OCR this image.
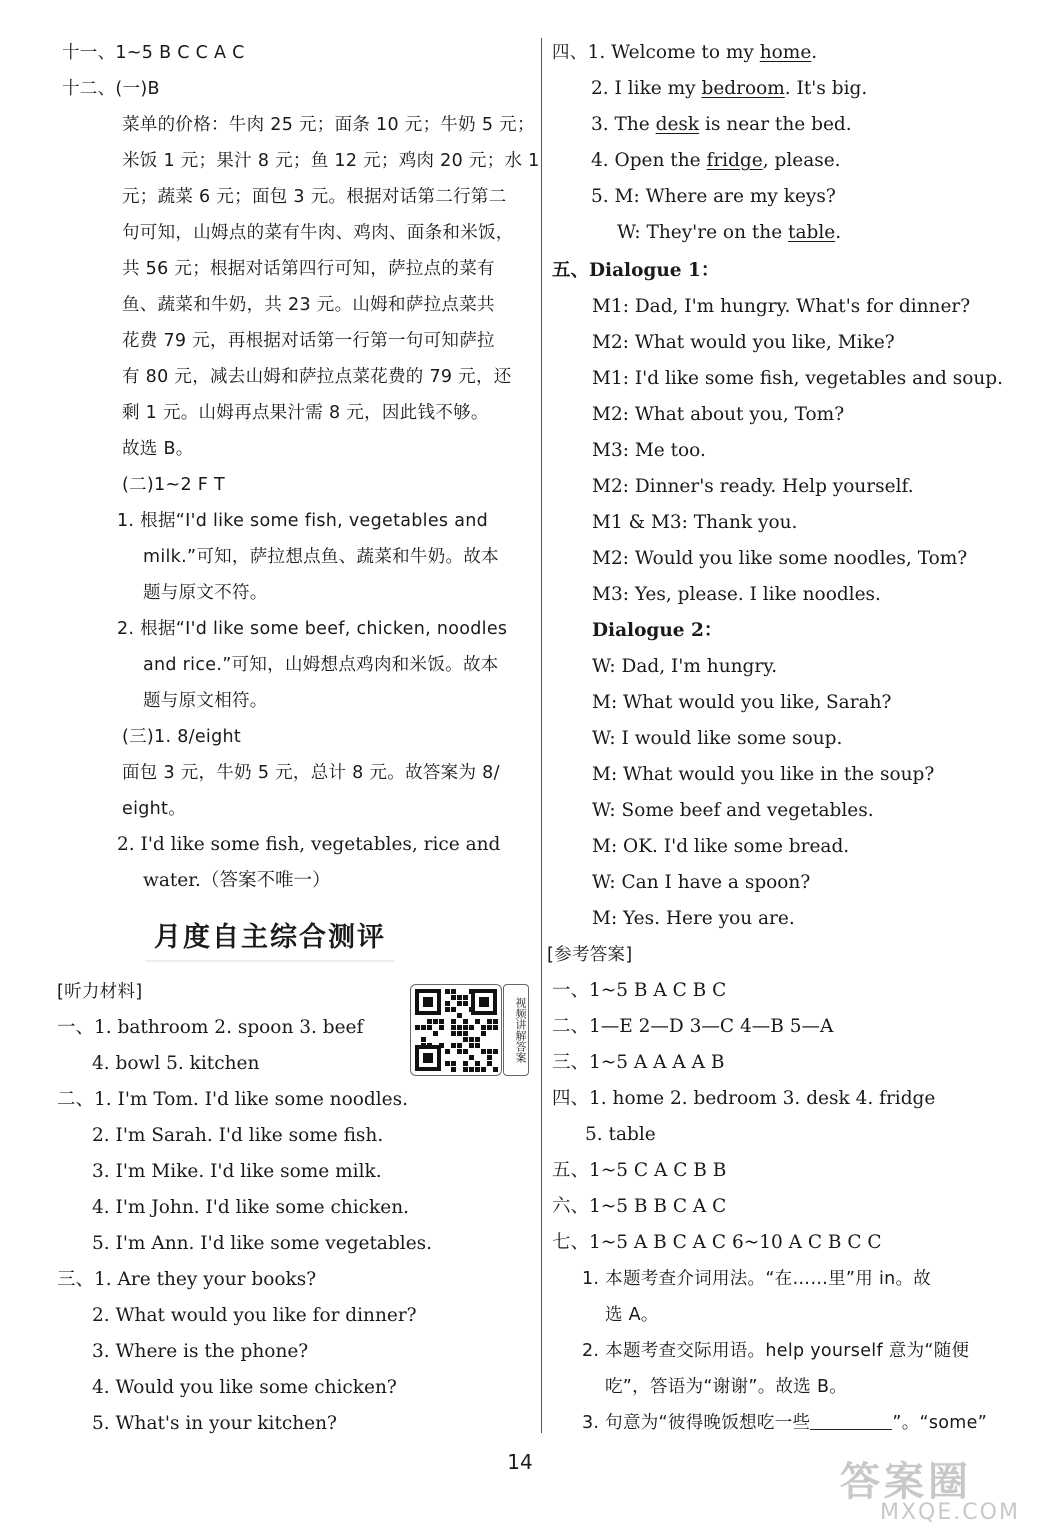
十一、1~5 B C C A C
十二、(一)B
菜单的价格：牛肉 25 元；面条 10 元；牛奶 5 元；
米饭 1 元；果汁 8 元；鱼 12 元；鸡肉 20 元；水 1
元；蔬菜 6 元；面包 3 元。根据对话第二行第二
句可知，山姆点的菜有牛肉、鸡肉、面条和米饭，
共 56 元；根据对话第四行可知，萨拉点的菜有
鱼、蔬菜和牛奶，共 23 元。山姆和萨拉点菜共
花费 79 元，再根据对话第一行第一句可知萨拉
有 80 元，减去山姆和萨拉点菜花费的 79 元，还
剩 1 元。山姆再点果汁需 8 元，因此钱不够。
故选 B。
(二)1~2 F T
1. 根据“I'd like some fish, vegetables and
milk.”可知，萨拉想点鱼、蔬菜和牛奶。故本
题与原文不符。
2. 根据“I'd like some beef, chicken, noodles
and rice.”可知，山姆想点鸡肉和米饭。故本
题与原文相符。
(三)1. 8/eight
面包 3 元，牛奶 5 元，总计 8 元。故答案为 8/
eight。
2. I'd like some fish, vegetables, rice and
water.（答案不唯一）
[听力材料]
一、1. bathroom 2. spoon 3. beef
4. bowl 5. kitchen
二、1. I'm Tom. I'd like some noodles.
2. I'm Sarah. I'd like some fish.
3. I'm Mike. I'd like some milk.
4. I'm John. I'd like some chicken.
5. I'm Ann. I'd like some vegetables.
三、1. Are they your books?
2. What would you like for dinner?
3. Where is the phone?
4. Would you like some chicken?
5. What's in your kitchen?
月度自主综合测评
视频讲解答案
四、1. Welcome to my home.
2. I like my bedroom. It's big.
3. The desk is near the bed.
4. Open the fridge, please.
5. M: Where are my keys?
W: They're on the table.
五、Dialogue 1：
M1: Dad, I'm hungry. What's for dinner?
M2: What would you like, Mike?
M1: I'd like some fish, vegetables and soup.
M2: What about you, Tom?
M3: Me too.
M2: Dinner's ready. Help yourself.
M1 & M3: Thank you.
M2: Would you like some noodles, Tom?
M3: Yes, please. I like noodles.
Dialogue 2：
W: Dad, I'm hungry.
M: What would you like, Sarah?
W: I would like some soup.
M: What would you like in the soup?
W: Some beef and vegetables.
M: OK. I'd like some bread.
W: Can I have a spoon?
M: Yes. Here you are.
[参考答案]
一、1~5 B A C B C
二、1—E 2—D 3—C 4—B 5—A
三、1~5 A A A A B
四、1. home 2. bedroom 3. desk 4. fridge
5. table
五、1~5 C A C B B
六、1~5 B B C A C
七、1~5 A B C A C 6~10 A C B C C
1. 本题考查介词用法。“在……里”用 in。故
选 A。
2. 本题考查交际用语。help yourself 意为“随便
吃”，答语为“谢谢”。故选 B。
3. 句意为“彼得晚饭想吃一些	”。“some”
14	答案圈
MXQE.COM
